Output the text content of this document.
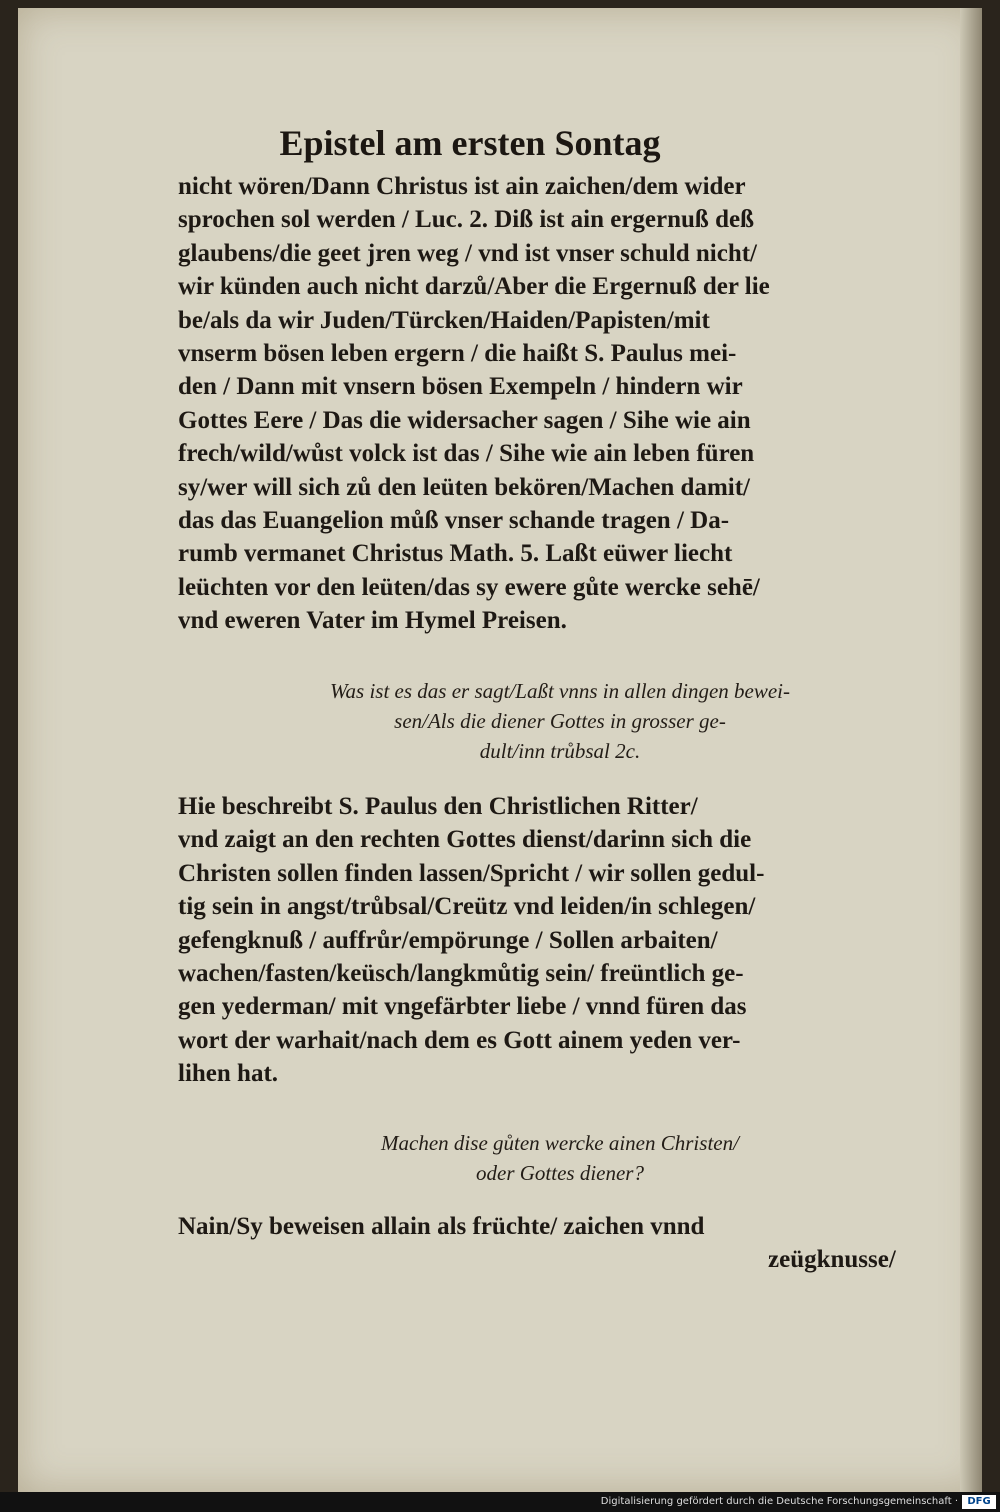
Epistel am ersten Sontag
nicht wören/Dann Christus ist ain zaichen/dem wider
sprochen sol werden / Luc. 2. Diß ist ain ergernuß deß
glaubens/die geet jren weg / vnd ist vnser schuld nicht/
wir künden auch nicht darzů/Aber die Ergernuß der lie
be/als da wir Juden/Türcken/Haiden/Papisten/mit
vnserm bösen leben ergern / die haißt S. Paulus mei-
den / Dann mit vnsern bösen Exempeln / hindern wir
Gottes Eere / Das die widersacher sagen / Sihe wie ain
frech/wild/wůst volck ist das / Sihe wie ain leben füren
sy/wer will sich zů den leüten bekören/Machen damit/
das das Euangelion můß vnser schande tragen / Da-
rumb vermanet Christus Math. 5. Laßt eüwer liecht
leüchten vor den leüten/das sy ewere gůte wercke sehē/
vnd eweren Vater im Hymel Preisen.
Was ist es das er sagt/Laßt vnns in allen dingen bewei-
sen/Als die diener Gottes in grosser ge-
dult/inn trůbsal 2c.
Hie beschreibt S. Paulus den Christlichen Ritter/
vnd zaigt an den rechten Gottes dienst/darinn sich die
Christen sollen finden lassen/Spricht / wir sollen gedul-
tig sein in angst/trůbsal/Creütz vnd leiden/in schlegen/
gefengknuß / auffrůr/empörunge / Sollen arbaiten/
wachen/fasten/keüsch/langkmůtig sein/ freüntlich ge-
gen yederman/ mit vngefärbter liebe / vnnd füren das
wort der warhait/nach dem es Gott ainem yeden ver-
lihen hat.
Machen dise gůten wercke ainen Christen/
oder Gottes diener?
Nain/Sy beweisen allain als früchte/ zaichen vnnd
zeügknusse/
Digitalisierung gefördert durch die Deutsche Forschungsgemeinschaft · DFG
